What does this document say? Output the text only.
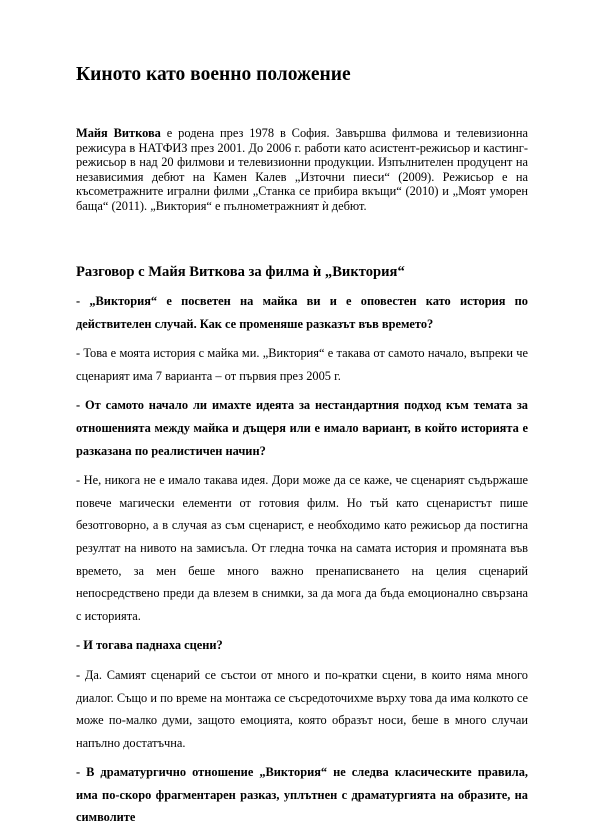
Киното като военно положение

Майя Виткова е родена през 1978 в София. Завършва филмова и телевизионна режисура в НАТФИЗ през 2001. До 2006 г. работи като асистент-режисьор и кастинг-режисьор в над 20 филмови и телевизионни продукции. Изпълнителен продуцент на независимия дебют на Камен Калев „Източни пиеси“ (2009). Режисьор е на късометражните игрални филми „Станка се прибира вкъщи“ (2010) и „Моят уморен баща“ (2011). „Виктория“ е пълнометражният ѝ дебют.

Разговор с Майя Виткова за филма ѝ „Виктория“

- „Виктория“ е посветен на майка ви и е оповестен като история по действителен случай. Как се променяше разказът във времето?

- Това е моята история с майка ми. „Виктория“ е такава от самото начало, въпреки че сценарият има 7 варианта – от първия през 2005 г.

- От самото начало ли имахте идеята за нестандартния подход към темата за отношенията между майка и дъщеря или е имало вариант, в който историята е разказана по реалистичен начин?

- Не, никога не е имало такава идея. Дори може да се каже, че сценарият съдържаше повече магически елементи от готовия филм. Но тъй като сценаристът пише безотговорно, а в случая аз съм сценарист, е необходимо като режисьор да постигна резултат на нивото на замисъла. От гледна точка на самата история и промяната във времето, за мен беше много важно пренаписването на целия сценарий непосредствено преди да влезем в снимки, за да мога да бъда емоционално свързана с историята.

- И тогава паднаха сцени?

- Да. Самият сценарий се състои от много и по-кратки сцени, в които няма много диалог. Също и по време на монтажа се съсредоточихме върху това да има колкото се може по-малко думи, защото емоцията, която образът носи, беше в много случаи напълно достатъчна.

- В драматургично отношение „Виктория“ не следва класическите правила, има по-скоро фрагментарен разказ, уплътнен с драматургията на образите, на символите
